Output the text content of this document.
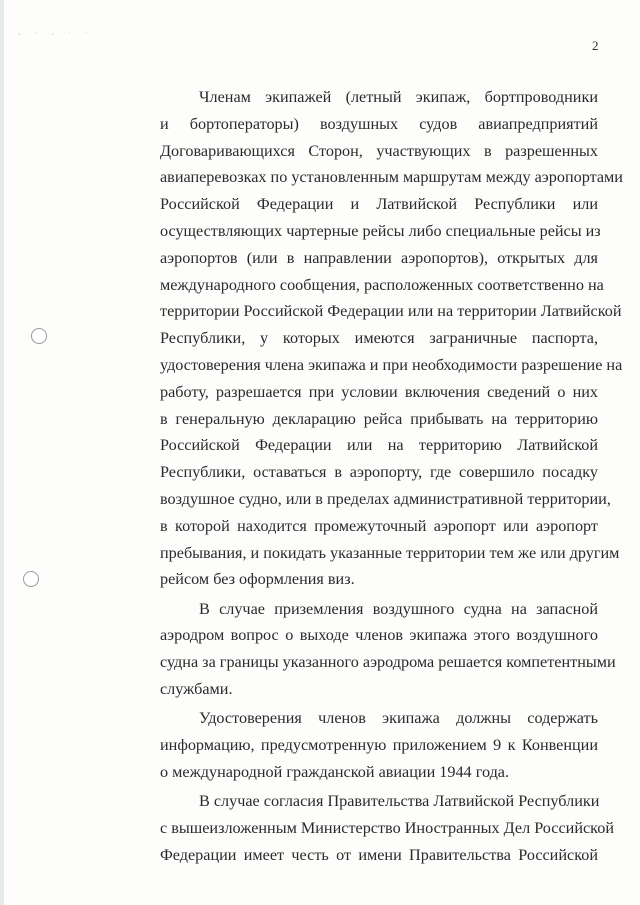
· ˙ · ˙ ˙
2
Членам экипажей (летный экипаж, бортпроводники
и бортоператоры) воздушных судов авиапредприятий
Договаривающихся Сторон, участвующих в разрешенных
авиаперевозках по установленным маршрутам между аэропортами
Российской Федерации и Латвийской Республики или
осуществляющих чартерные рейсы либо специальные рейсы из
аэропортов (или в направлении аэропортов), открытых для
международного сообщения, расположенных соответственно на
территории Российской Федерации или на территории Латвийской
Республики, у которых имеются заграничные паспорта,
удостоверения члена экипажа и при необходимости разрешение на
работу, разрешается при условии включения сведений о них
в генеральную декларацию рейса прибывать на территорию
Российской Федерации или на территорию Латвийской
Республики, оставаться в аэропорту, где совершило посадку
воздушное судно, или в пределах административной территории,
в которой находится промежуточный аэропорт или аэропорт
пребывания, и покидать указанные территории тем же или другим
рейсом без оформления виз.
В случае приземления воздушного судна на запасной
аэродром вопрос о выходе членов экипажа этого воздушного
судна за границы указанного аэродрома решается компетентными
службами.
Удостоверения членов экипажа должны содержать
информацию, предусмотренную приложением 9 к Конвенции
о международной гражданской авиации 1944 года.
В случае согласия Правительства Латвийской Республики
с вышеизложенным Министерство Иностранных Дел Российской
Федерации имеет честь от имени Правительства Российской
